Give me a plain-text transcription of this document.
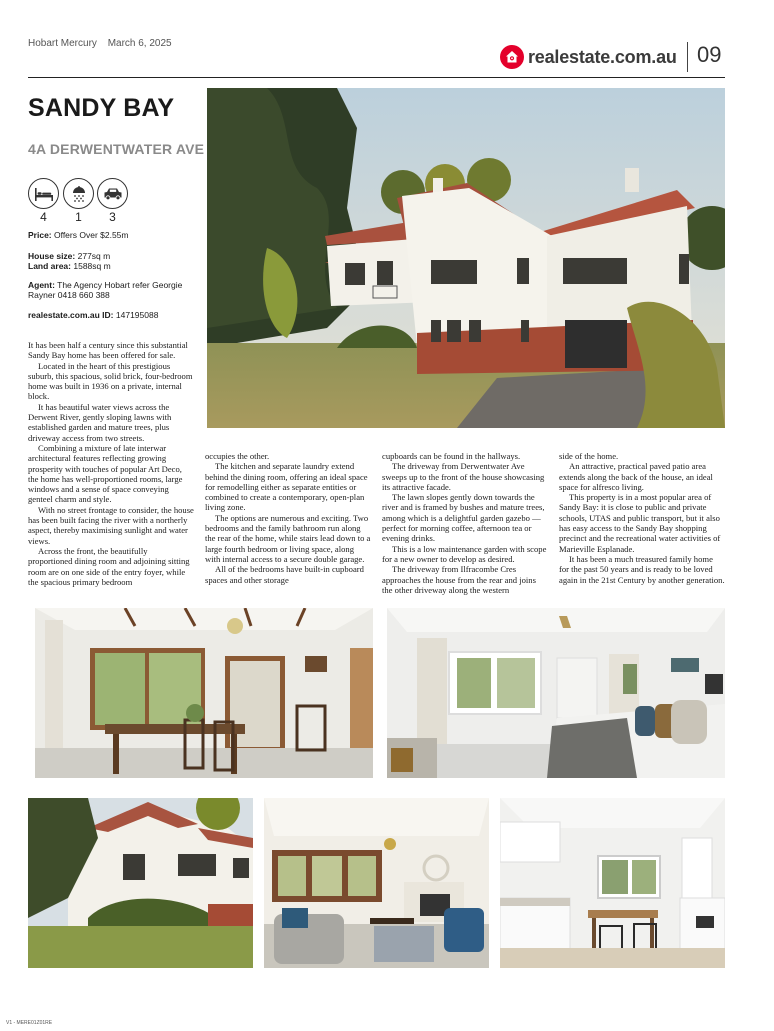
Hobart Mercury March 6, 2025
realestate.com.au 09
SANDY BAY
4A DERWENTWATER AVE
4	1	3
Price: Offers Over $2.55m
House size: 277sq m
Land area: 1588sq m
Agent: The Agency Hobart refer Georgie
Rayner 0418 660 388
realestate.com.au ID: 147195088

It has been half a century since this substantial Sandy Bay home has been offered for sale.

Located in the heart of this prestigious suburb, this spacious, solid brick, four-bedroom home was built in 1936 on a private, internal block.

It has beautiful water views across the Derwent River, gently sloping lawns with established garden and mature trees, plus driveway access from two streets.

Combining a mixture of late interwar architectural features reflecting growing prosperity with touches of popular Art Deco, the home has well-proportioned rooms, large windows and a sense of space conveying genteel charm and style.

With no street frontage to consider, the house has been built facing the river with a northerly aspect, thereby maximising sunlight and water views.

Across the front, the beautifully proportioned dining room and adjoining sitting room are on one side of the entry foyer, while the spacious primary bedroom

occupies the other.

The kitchen and separate laundry extend behind the dining room, offering an ideal space for remodelling either as separate entities or combined to create a contemporary, open-plan living zone.

The options are numerous and exciting. Two bedrooms and the family bathroom run along the rear of the home, while stairs lead down to a large fourth bedroom or living space, along with internal access to a secure double garage.

All of the bedrooms have built-in cupboard spaces and other storage

cupboards can be found in the hallways.

The driveway from Derwentwater Ave sweeps up to the front of the house showcasing its attractive facade.

The lawn slopes gently down towards the river and is framed by bushes and mature trees, among which is a delightful garden gazebo — perfect for morning coffee, afternoon tea or evening drinks.

This is a low maintenance garden with scope for a new owner to develop as desired.

The driveway from Ilfracombe Cres approaches the house from the rear and joins the other driveway along the western

side of the home.

An attractive, practical paved patio area extends along the back of the house, an ideal space for alfresco living.

This property is in a most popular area of Sandy Bay: it is close to public and private schools, UTAS and public transport, but it also has easy access to the Sandy Bay shopping precinct and the recreational water activities of Marieville Esplanade.

It has been a much treasured family home for the past 50 years and is ready to be loved again in the 21st Century by another generation.

V1 - MERE01Z01RE
